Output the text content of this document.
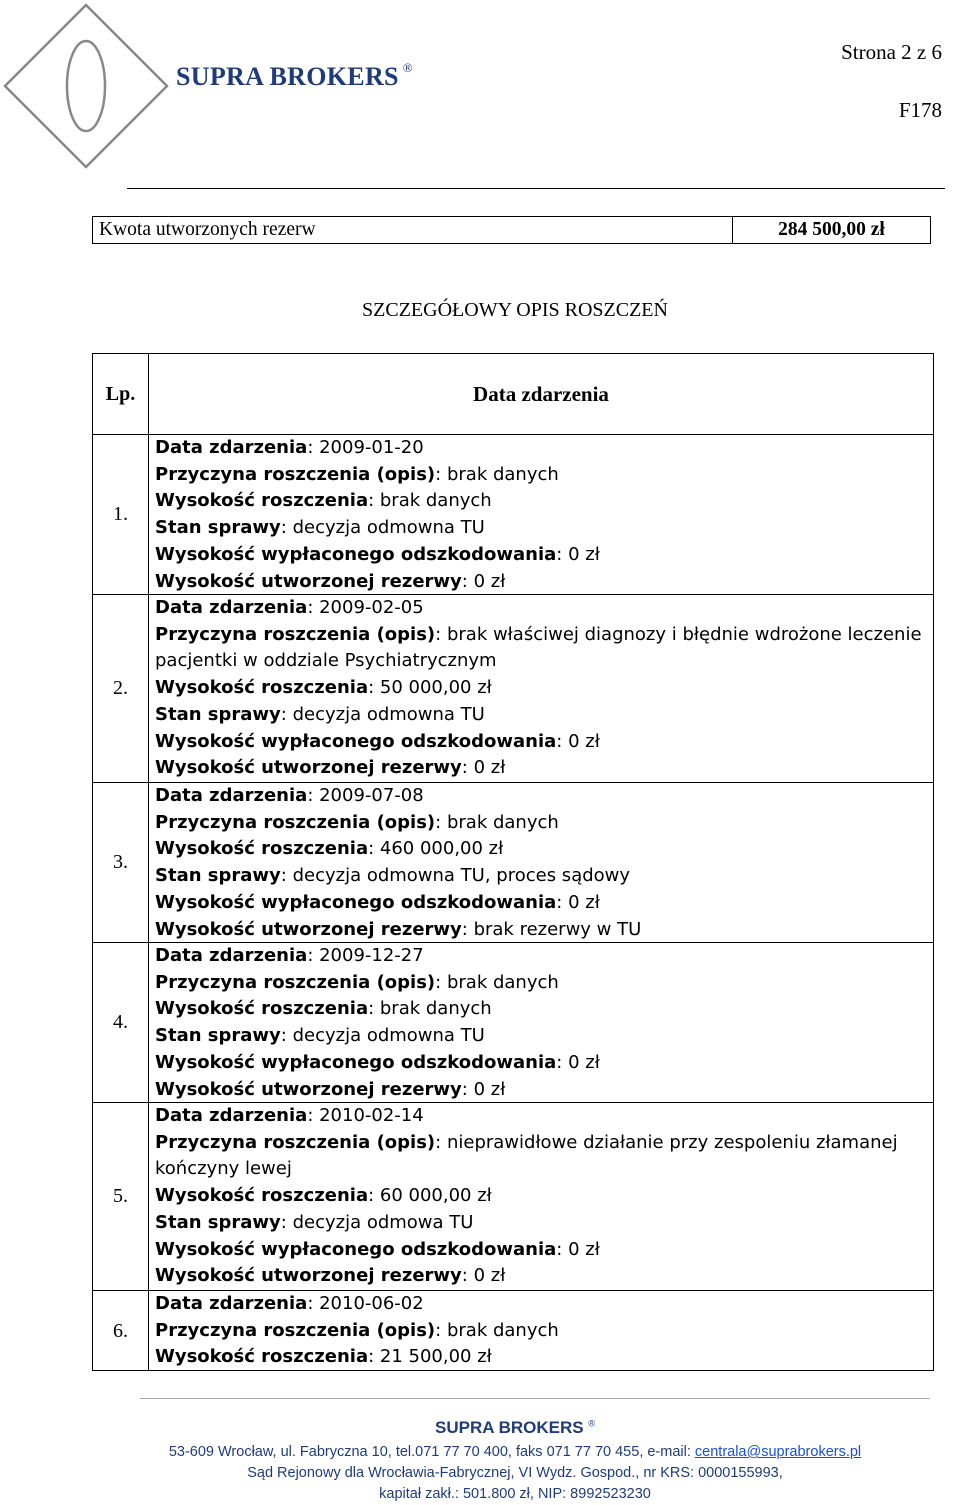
SUPRA BROKERS ®
Strona 2 z 6
F178
Kwota utworzonych rezerw	284 500,00 zł
SZCZEGÓŁOWY OPIS ROSZCZEŃ
Lp.	Data zdarzenia
1.
Data zdarzenia: 2009-01-20
Przyczyna roszczenia (opis): brak danych
Wysokość roszczenia: brak danych
Stan sprawy: decyzja odmowna TU
Wysokość wypłaconego odszkodowania: 0 zł
Wysokość utworzonej rezerwy: 0 zł
2.
Data zdarzenia: 2009-02-05
Przyczyna roszczenia (opis): brak właściwej diagnozy i błędnie wdrożone leczenie pacjentki w oddziale Psychiatrycznym
Wysokość roszczenia: 50 000,00 zł
Stan sprawy: decyzja odmowna TU
Wysokość wypłaconego odszkodowania: 0 zł
Wysokość utworzonej rezerwy: 0 zł
3.
Data zdarzenia: 2009-07-08
Przyczyna roszczenia (opis): brak danych
Wysokość roszczenia: 460 000,00 zł
Stan sprawy: decyzja odmowna TU, proces sądowy
Wysokość wypłaconego odszkodowania: 0 zł
Wysokość utworzonej rezerwy: brak rezerwy w TU
4.
Data zdarzenia: 2009-12-27
Przyczyna roszczenia (opis): brak danych
Wysokość roszczenia: brak danych
Stan sprawy: decyzja odmowna TU
Wysokość wypłaconego odszkodowania: 0 zł
Wysokość utworzonej rezerwy: 0 zł
5.
Data zdarzenia: 2010-02-14
Przyczyna roszczenia (opis): nieprawidłowe działanie przy zespoleniu złamanej kończyny lewej
Wysokość roszczenia: 60 000,00 zł
Stan sprawy: decyzja odmowa TU
Wysokość wypłaconego odszkodowania: 0 zł
Wysokość utworzonej rezerwy: 0 zł
6.
Data zdarzenia: 2010-06-02
Przyczyna roszczenia (opis): brak danych
Wysokość roszczenia: 21 500,00 zł
SUPRA BROKERS ®
53-609 Wrocław, ul. Fabryczna 10, tel.071 77 70 400, faks 071 77 70 455, e-mail: centrala@suprabrokers.pl
Sąd Rejonowy dla Wrocławia-Fabrycznej, VI Wydz. Gospod., nr KRS: 0000155993,
kapitał zakł.: 501.800 zł, NIP: 8992523230
